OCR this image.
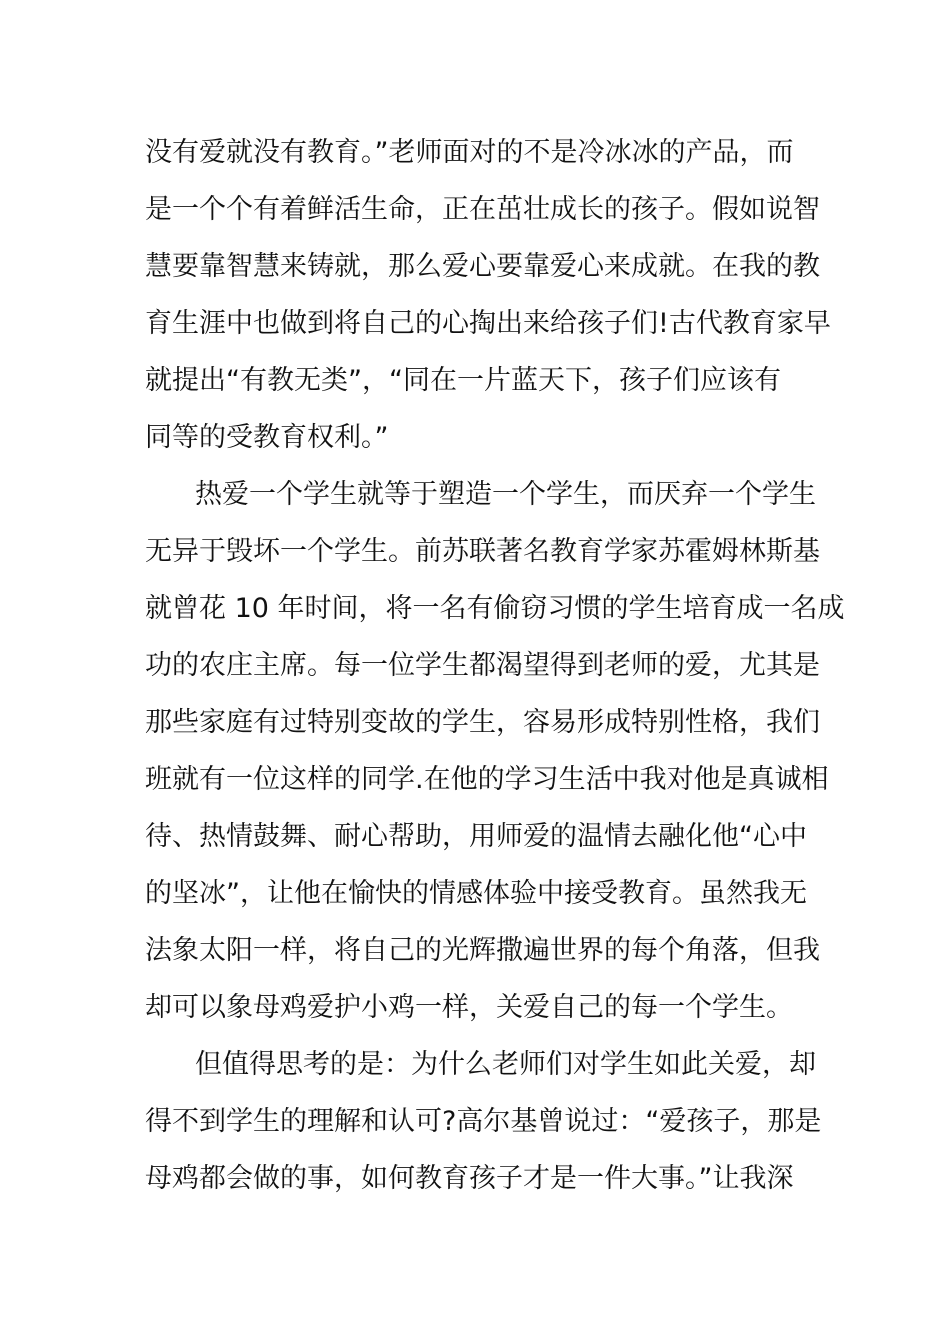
没有爱就没有教育。”老师面对的不是冷冰冰的产品，而
是一个个有着鲜活生命，正在茁壮成长的孩子。假如说智
慧要靠智慧来铸就，那么爱心要靠爱心来成就。在我的教
育生涯中也做到将自己的心掏出来给孩子们!古代教育家早
就提出“有教无类”，“同在一片蓝天下，孩子们应该有
同等的受教育权利。”
热爱一个学生就等于塑造一个学生，而厌弃一个学生
无异于毁坏一个学生。前苏联著名教育学家苏霍姆林斯基
就曾花 10 年时间，将一名有偷窃习惯的学生培育成一名成
功的农庄主席。每一位学生都渴望得到老师的爱，尤其是
那些家庭有过特别变故的学生，容易形成特别性格，我们
班就有一位这样的同学.在他的学习生活中我对他是真诚相
待、热情鼓舞、耐心帮助，用师爱的温情去融化他“心中
的坚冰”，让他在愉快的情感体验中接受教育。虽然我无
法象太阳一样，将自己的光辉撒遍世界的每个角落，但我
却可以象母鸡爱护小鸡一样，关爱自己的每一个学生。
但值得思考的是：为什么老师们对学生如此关爱，却
得不到学生的理解和认可?高尔基曾说过：“爱孩子，那是
母鸡都会做的事，如何教育孩子才是一件大事。”让我深
